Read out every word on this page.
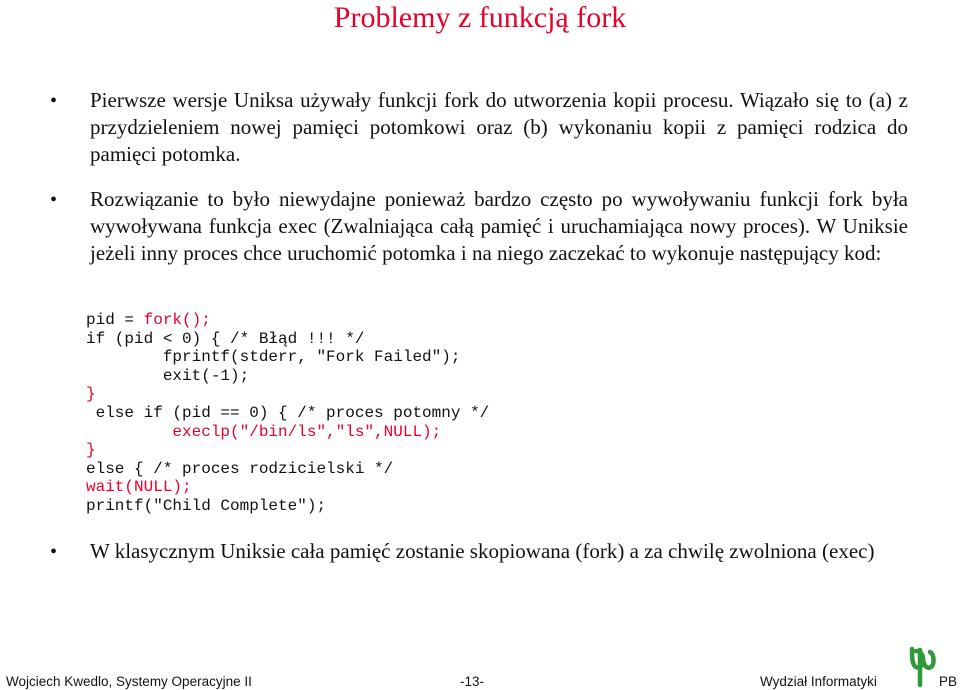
Problemy z funkcją fork
• Pierwsze wersje Uniksa używały funkcji fork do utworzenia kopii procesu. Wiązało się to (a) z przydzieleniem nowej pamięci potomkowi oraz (b) wykonaniu kopii z pamięci rodzica do pamięci potomka.
• Rozwiązanie to było niewydajne ponieważ bardzo często po wywoływaniu funkcji fork była wywoływana funkcja exec (Zwalniająca całą pamięć i uruchamiająca nowy proces). W Uniksie jeżeli inny proces chce uruchomić potomka i na niego zaczekać to wykonuje następujący kod:
pid = fork();
if (pid < 0) { /* Błąd !!! */
fprintf(stderr, "Fork Failed");
exit(-1);
}
else if (pid == 0) { /* proces potomny */
execlp("/bin/ls","ls",NULL);
}
else { /* proces rodzicielski */
wait(NULL);
printf("Child Complete");
• W klasycznym Uniksie cała pamięć zostanie skopiowana (fork) a za chwilę zwolniona (exec)
Wojciech Kwedlo, Systemy Operacyjne II	-13-	Wydział Informatyki	PB
